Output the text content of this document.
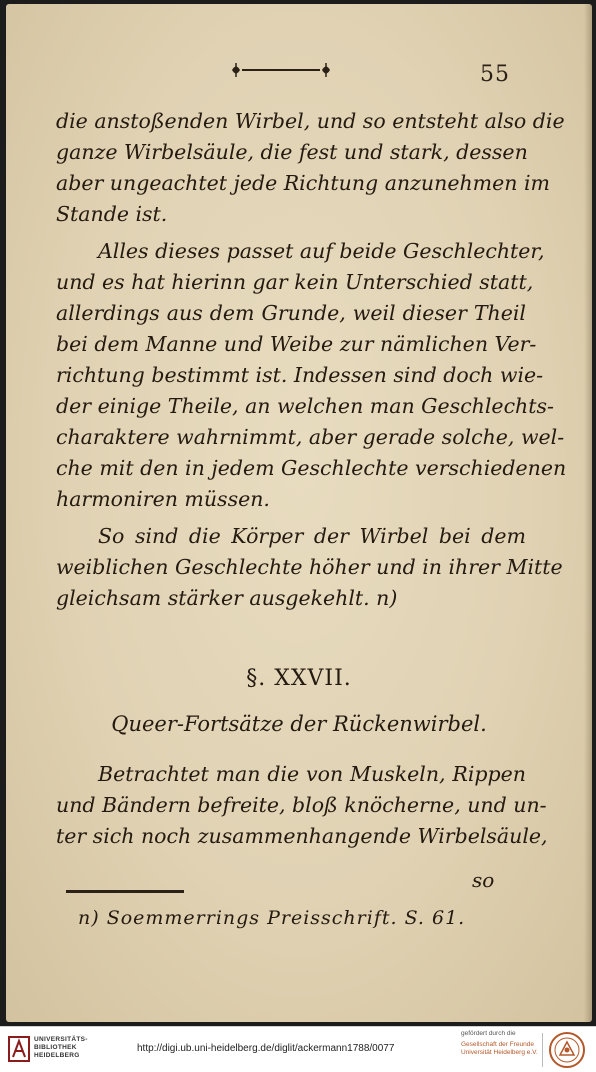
55
die anstoßenden Wirbel, und so entsteht also die
ganze Wirbelsäule, die fest und stark, dessen
aber ungeachtet jede Richtung anzunehmen im
Stande ist.
Alles dieses passet auf beide Geschlechter,
und es hat hierinn gar kein Unterschied statt,
allerdings aus dem Grunde, weil dieser Theil
bei dem Manne und Weibe zur nämlichen Ver-
richtung bestimmt ist. Indessen sind doch wie-
der einige Theile, an welchen man Geschlechts-
charaktere wahrnimmt, aber gerade solche, wel-
che mit den in jedem Geschlechte verschiedenen
harmoniren müssen.
So sind die Körper der Wirbel bei dem
weiblichen Geschlechte höher und in ihrer Mitte
gleichsam stärker ausgekehlt. n)
§. XXVII.
Queer-Fortsätze der Rückenwirbel.
Betrachtet man die von Muskeln, Rippen
und Bändern befreite, bloß knöcherne, und un-
ter sich noch zusammenhangende Wirbelsäule,
so
n) Soemmerrings Preisschrift. S. 61.
UNIVERSITÄTS-
BIBLIOTHEK
HEIDELBERG
http://digi.ub.uni-heidelberg.de/diglit/ackermann1788/0077
gefördert durch die
Gesellschaft der Freunde
Universität Heidelberg e.V.
